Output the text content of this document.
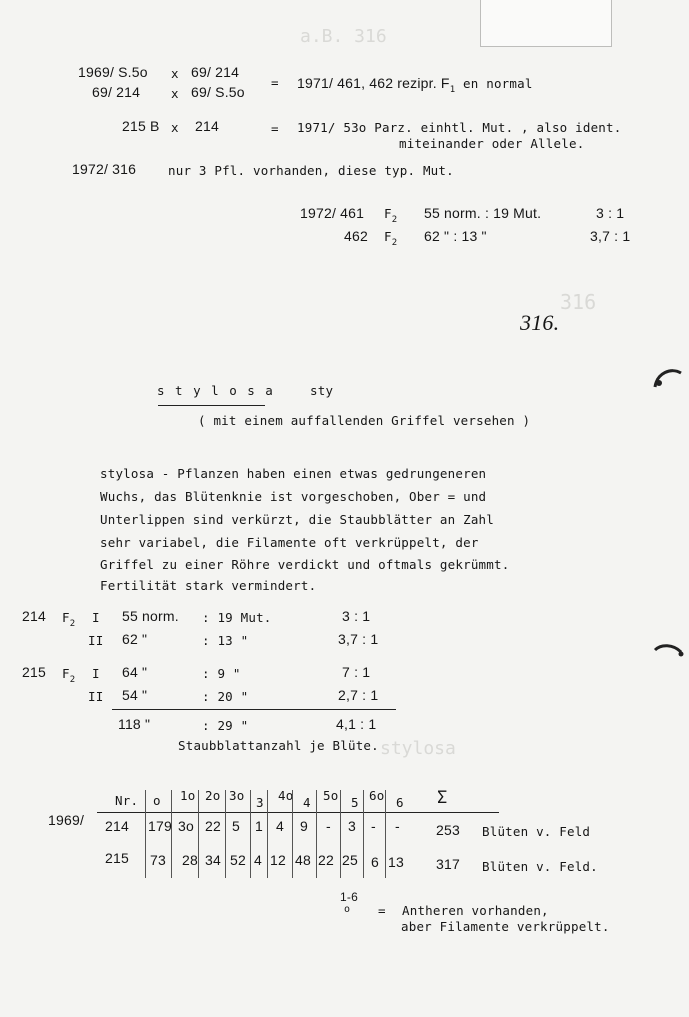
a.B. 316
316
stylosa
1969/ S.5o x 69/ 214
= 1971/ 461, 462 rezipr. $F_1$ en normal
69/ 214 x 69/ S.5o
215 B x 214	= 1971/ 53o Parz. einhtl. Mut. , also ident.
miteinander oder Allele.
1972/ 316	nur 3 Pfl. vorhanden, diese typ. Mut.
1972/ 461 $F_2$ 55 norm. : 19 Mut.	3 : 1
462 $F_2$ 62 " : 13 "	3,7 : 1
316.
s t y l o s a	sty
( mit einem auffallenden Griffel versehen )
stylosa - Pflanzen haben einen etwas gedrungeneren
Wuchs, das Blütenknie ist vorgeschoben, Ober = und
Unterlippen sind verkürzt, die Staubblätter an Zahl
sehr variabel, die Filamente oft verkrüppelt, der
Griffel zu einer Röhre verdickt und oftmals gekrümmt.
Fertilität stark vermindert.
214 $F_2$ I 55 norm. : 19 Mut.	3 : 1
II 62 "	: 13 "	3,7 : 1
215 $F_2$ I 64 "	: 9 "	7 : 1
II 54 "	: 20 "	2,7 : 1
118 "	: 29 "	4,1 : 1
Staubblattanzahl je Blüte.
Nr. o 1o 2o 3o 3 4o 4 5o 5 6o 6 Σ
1969/ 214 179 3o 22 5 1 4 9 - 3 - -	253 Blüten v. Feld
215 73 28 34 52 4 12 48 22 25 6 13 317 Blüten v. Feld.
1-6
o = Antheren vorhanden,
aber Filamente verkrüppelt.
